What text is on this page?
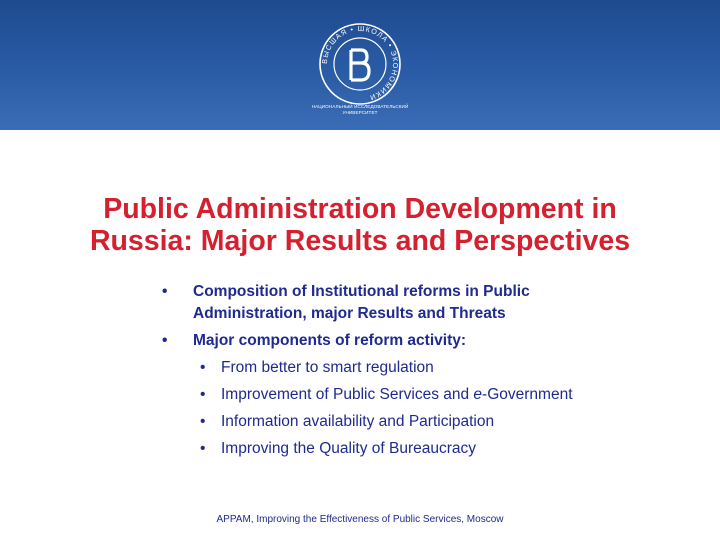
ВЫСШАЯ • ШКОЛА • ЭКОНОМИКИ
НАЦИОНАЛЬНЫЙ ИССЛЕДОВАТЕЛЬСКИЙ
УНИВЕРСИТЕТ
Public Administration Development in
Russia: Major Results and Perspectives
• Composition of Institutional reforms in Public
Administration, major Results and Threats
• Major components of reform activity:
• From better to smart regulation
• Improvement of Public Services and e-Government
• Information availability and Participation
• Improving the Quality of Bureaucracy
APPAM, Improving the Effectiveness of Public Services, Moscow
